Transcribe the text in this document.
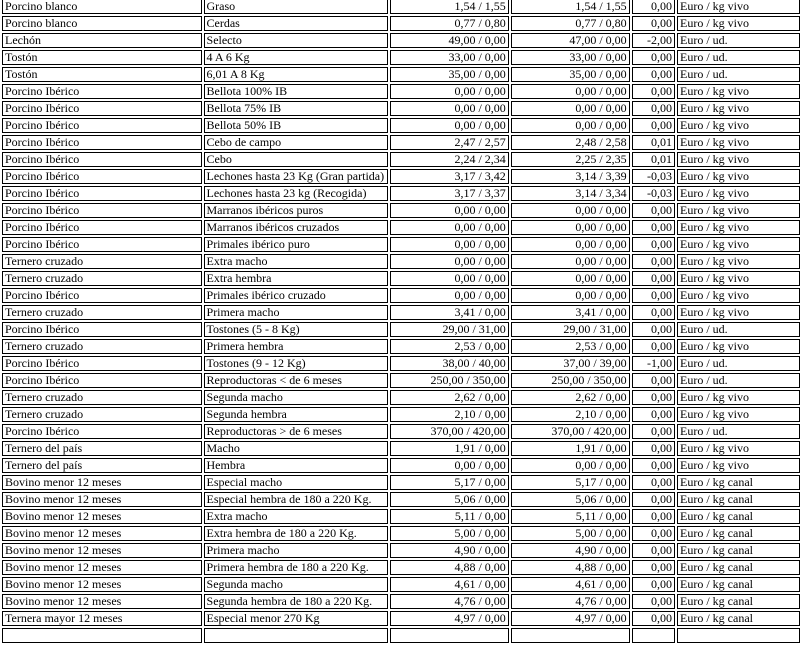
Porcino blanco	Graso	1,54 / 1,55	1,54 / 1,55	0,00	Euro / kg vivo
Porcino blanco	Cerdas	0,77 / 0,80	0,77 / 0,80	0,00	Euro / kg vivo
Lechón	Selecto	49,00 / 0,00	47,00 / 0,00	-2,00	Euro / ud.
Tostón	4 A 6 Kg	33,00 / 0,00	33,00 / 0,00	0,00	Euro / ud.
Tostón	6,01 A 8 Kg	35,00 / 0,00	35,00 / 0,00	0,00	Euro / ud.
Porcino Ibérico	Bellota 100% IB	0,00 / 0,00	0,00 / 0,00	0,00	Euro / kg vivo
Porcino Ibérico	Bellota 75% IB	0,00 / 0,00	0,00 / 0,00	0,00	Euro / kg vivo
Porcino Ibérico	Bellota 50% IB	0,00 / 0,00	0,00 / 0,00	0,00	Euro / kg vivo
Porcino Ibérico	Cebo de campo	2,47 / 2,57	2,48 / 2,58	0,01	Euro / kg vivo
Porcino Ibérico	Cebo	2,24 / 2,34	2,25 / 2,35	0,01	Euro / kg vivo
Porcino Ibérico	Lechones hasta 23 Kg (Gran partida)	3,17 / 3,42	3,14 / 3,39	-0,03	Euro / kg vivo
Porcino Ibérico	Lechones hasta 23 kg (Recogida)	3,17 / 3,37	3,14 / 3,34	-0,03	Euro / kg vivo
Porcino Ibérico	Marranos ibéricos puros	0,00 / 0,00	0,00 / 0,00	0,00	Euro / kg vivo
Porcino Ibérico	Marranos ibéricos cruzados	0,00 / 0,00	0,00 / 0,00	0,00	Euro / kg vivo
Porcino Ibérico	Primales ibérico puro	0,00 / 0,00	0,00 / 0,00	0,00	Euro / kg vivo
Ternero cruzado	Extra macho	0,00 / 0,00	0,00 / 0,00	0,00	Euro / kg vivo
Ternero cruzado	Extra hembra	0,00 / 0,00	0,00 / 0,00	0,00	Euro / kg vivo
Porcino Ibérico	Primales ibérico cruzado	0,00 / 0,00	0,00 / 0,00	0,00	Euro / kg vivo
Ternero cruzado	Primera macho	3,41 / 0,00	3,41 / 0,00	0,00	Euro / kg vivo
Porcino Ibérico	Tostones (5 - 8 Kg)	29,00 / 31,00	29,00 / 31,00	0,00	Euro / ud.
Ternero cruzado	Primera hembra	2,53 / 0,00	2,53 / 0,00	0,00	Euro / kg vivo
Porcino Ibérico	Tostones (9 - 12 Kg)	38,00 / 40,00	37,00 / 39,00	-1,00	Euro / ud.
Porcino Ibérico	Reproductoras < de 6 meses	250,00 / 350,00	250,00 / 350,00	0,00	Euro / ud.
Ternero cruzado	Segunda macho	2,62 / 0,00	2,62 / 0,00	0,00	Euro / kg vivo
Ternero cruzado	Segunda hembra	2,10 / 0,00	2,10 / 0,00	0,00	Euro / kg vivo
Porcino Ibérico	Reproductoras > de 6 meses	370,00 / 420,00	370,00 / 420,00	0,00	Euro / ud.
Ternero del país	Macho	1,91 / 0,00	1,91 / 0,00	0,00	Euro / kg vivo
Ternero del país	Hembra	0,00 / 0,00	0,00 / 0,00	0,00	Euro / kg vivo
Bovino menor 12 meses	Especial macho	5,17 / 0,00	5,17 / 0,00	0,00	Euro / kg canal
Bovino menor 12 meses	Especial hembra de 180 a 220 Kg.	5,06 / 0,00	5,06 / 0,00	0,00	Euro / kg canal
Bovino menor 12 meses	Extra macho	5,11 / 0,00	5,11 / 0,00	0,00	Euro / kg canal
Bovino menor 12 meses	Extra hembra de 180 a 220 Kg.	5,00 / 0,00	5,00 / 0,00	0,00	Euro / kg canal
Bovino menor 12 meses	Primera macho	4,90 / 0,00	4,90 / 0,00	0,00	Euro / kg canal
Bovino menor 12 meses	Primera hembra de 180 a 220 Kg.	4,88 / 0,00	4,88 / 0,00	0,00	Euro / kg canal
Bovino menor 12 meses	Segunda macho	4,61 / 0,00	4,61 / 0,00	0,00	Euro / kg canal
Bovino menor 12 meses	Segunda hembra de 180 a 220 Kg.	4,76 / 0,00	4,76 / 0,00	0,00	Euro / kg canal
Ternera mayor 12 meses	Especial menor 270 Kg	4,97 / 0,00	4,97 / 0,00	0,00	Euro / kg canal
